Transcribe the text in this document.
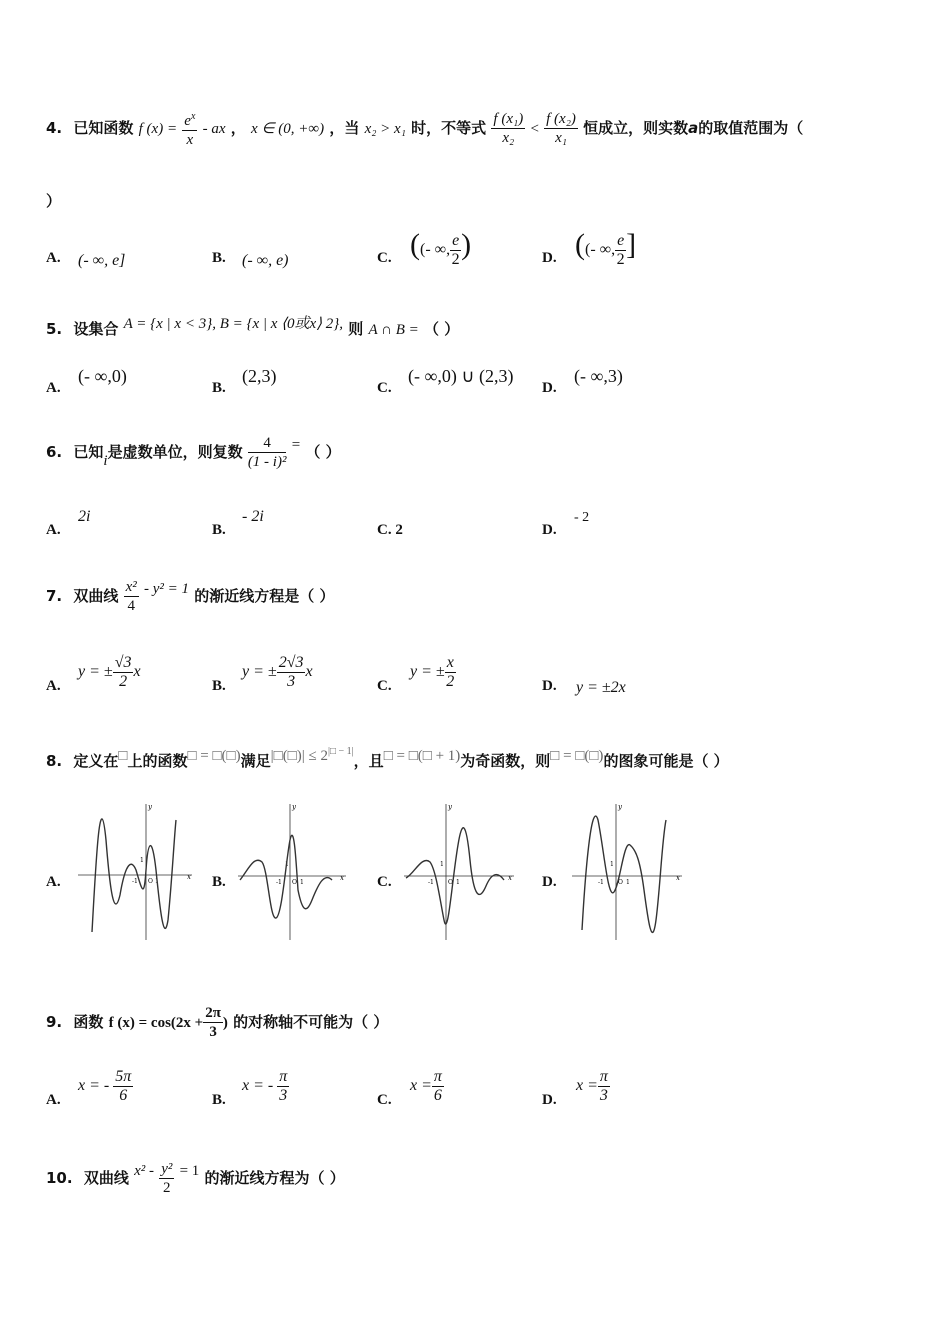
4. 已知函数 f $(x) = \frac{e^x}{x}$ - ax ， x ∈ (0, +∞) ，当 x₂ > x₁ 时，不等式 $\frac{\text{f (x₁)}}{\text{x₂}} < \frac{\text{f (x₂)}}{\text{x₁}}$ 恒成立，则实数a的取值范围为（
）
A. (- ∞, e]	B. (- ∞, e)	C. ((- ∞, $\frac{e}{2}$ )	D. ((- ∞, $\frac{e}{2}$ ]
5. 设集合 A = {x | x < 3}, B = {x | x ⟨0或x⟩ 2}, 则 A ∩ B = （ ）
A.
(- ∞,0)
B.
(2,3)
C.
(- ∞,0) ∪ (2,3)
D.
(- ∞,3)
6. 已知i是虚数单位，则复数 $\frac{4}{\text{(1 - i)²}}$ = （ ）
A.
2i
B.
- 2i
C. 2	D.
- 2
7. 双曲线 $\frac{\text{x²}}{4} - y^2 = 1$ 的渐近线方程是（ ）
A.
y = ± $\frac{√3}{2}$ x
B.
y = ± $\frac{2√3}{3}$ x
C.
y = ± $\frac{x}{2}$	D. y = ±2x
8. 定义在□上的函数□ = □(□)满足|□(□)| ≤ $2^{|□ - 1|}$，且□ = □(□ + 1)为奇函数，则□ = □(□)的图象可能是（ ）
A.	B.	C.	D.
x
y
-1 O 1
1
x
y
-1 O 1
1
x
y
-1 O 1
1
x
y
-1 O 1
1
9. 函数 f $(x) = \cos(2x + \frac{2\pi}{3}$ ) 的对称轴不可能为（ ）
A.
x = - $\frac{5\pi}{6}$	B.
x = - $\frac{\pi}{3}$	C.
$x = \frac{\pi}{6}$	D.
$x = \frac{\pi}{3}$
10. 双曲线 $x^2 - \frac{\text{y²}}{2} = 1$ 的渐近线方程为（ ）
